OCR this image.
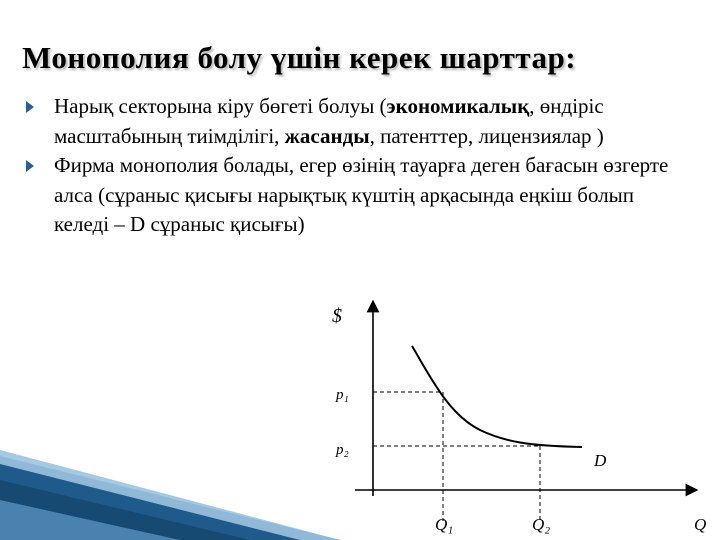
Монополия болу үшін керек шарттар:
Нарық секторына кіру бөгеті болуы (экономикалық, өндіріс масштабының тиімділігі, жасанды, патенттер, лицензиялар )
Фирма монополия болады, егер өзінің тауарға деген бағасын өзгерте алса (сұраныс қисығы нарықтық күштің арқасында еңкіш болып келеді – D сұраныс қисығы)
$
Q
p₁
p₂
Q₁	Q₂
D
